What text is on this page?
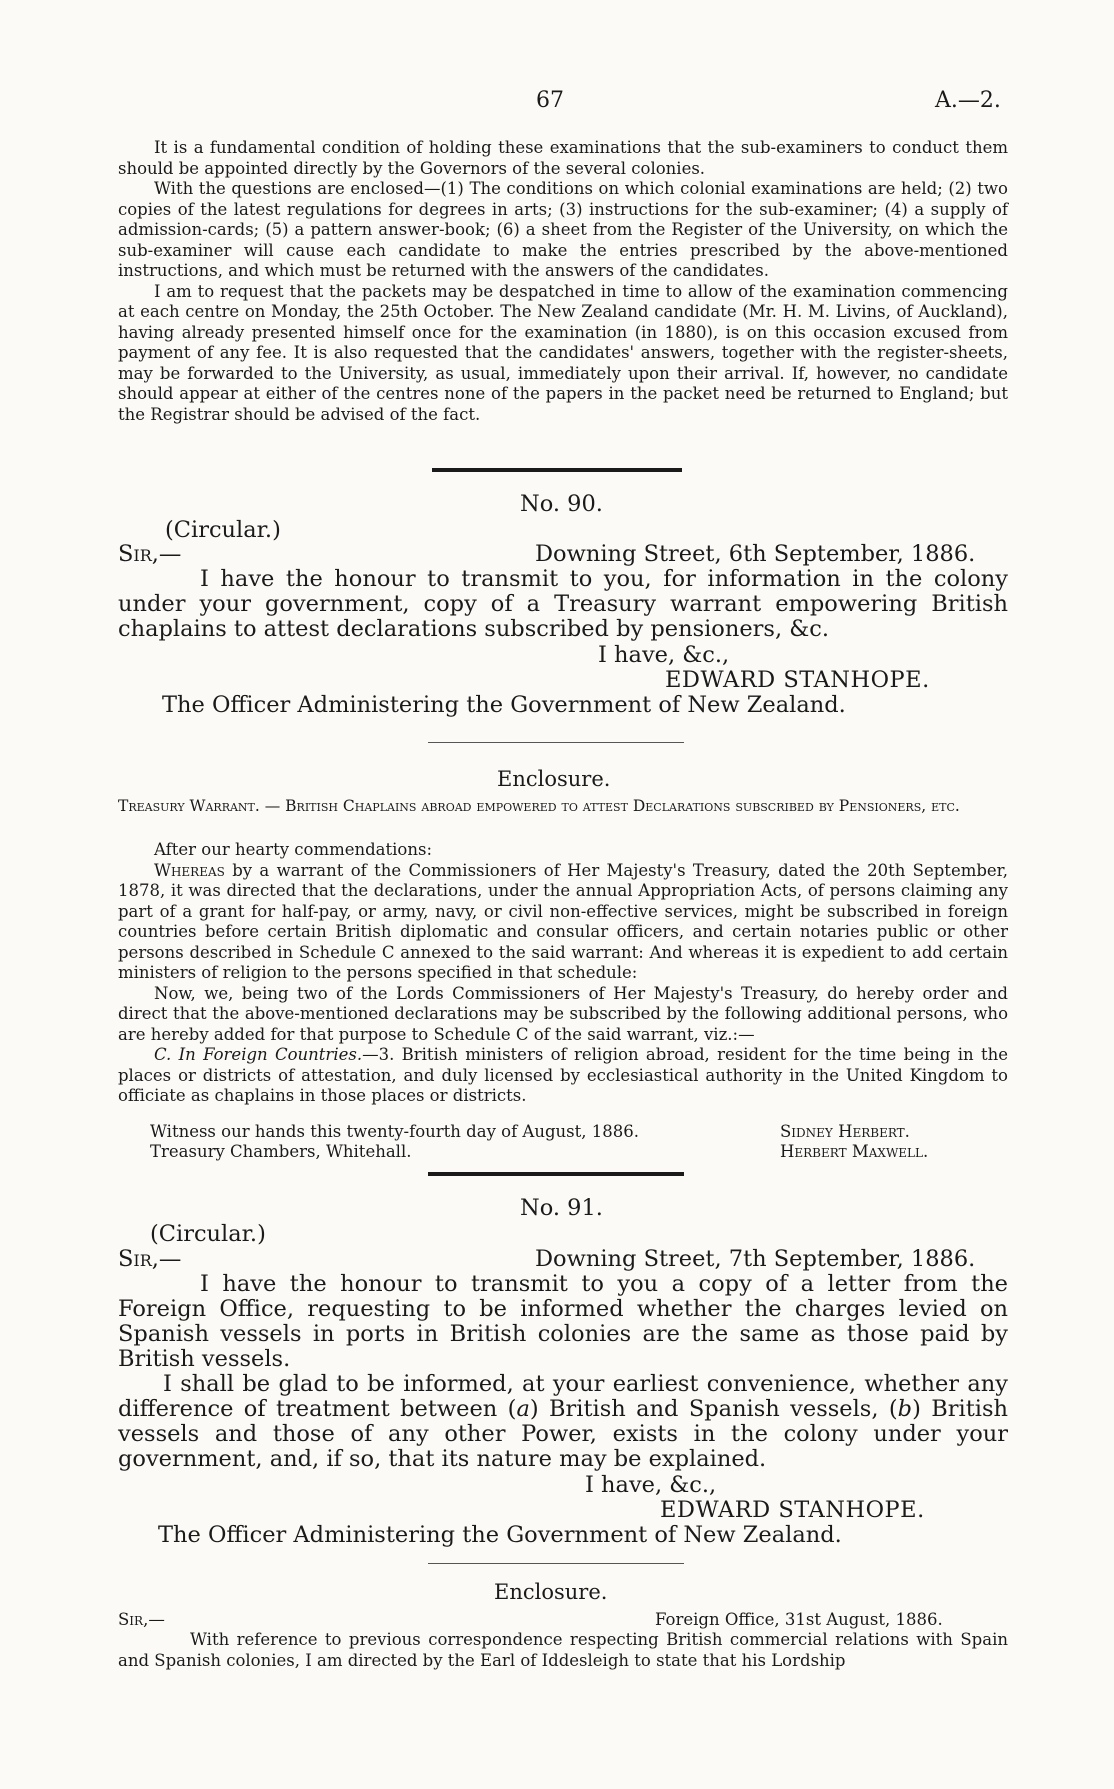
67	A.—2.

It is a fundamental condition of holding these examinations that the sub-examiners to conduct them should be appointed directly by the Governors of the several colonies.

With the questions are enclosed—(1) The conditions on which colonial examinations are held; (2) two copies of the latest regulations for degrees in arts; (3) instructions for the sub-examiner; (4) a supply of admission-cards; (5) a pattern answer-book; (6) a sheet from the Register of the University, on which the sub-examiner will cause each candidate to make the entries prescribed by the above-mentioned instructions, and which must be returned with the answers of the candidates.

I am to request that the packets may be despatched in time to allow of the examination commencing at each centre on Monday, the 25th October. The New Zealand candidate (Mr. H. M. Livins, of Auckland), having already presented himself once for the examination (in 1880), is on this occasion excused from payment of any fee. It is also requested that the candidates' answers, together with the register-sheets, may be forwarded to the University, as usual, immediately upon their arrival. If, however, no candidate should appear at either of the centres none of the papers in the packet need be returned to England; but the Registrar should be advised of the fact.

No. 90.
(Circular.)
Sir,—	Downing Street, 6th September, 1886.

I have the honour to transmit to you, for information in the colony under your government, copy of a Treasury warrant empowering British chaplains to attest declarations subscribed by pensioners, &c.

I have, &c.,
EDWARD STANHOPE.
The Officer Administering the Government of New Zealand.
Enclosure.
Treasury Warrant. — British Chaplains abroad empowered to attest Declarations subscribed by Pensioners, etc.

After our hearty commendations:

Whereas by a warrant of the Commissioners of Her Majesty's Treasury, dated the 20th September, 1878, it was directed that the declarations, under the annual Appropriation Acts, of persons claiming any part of a grant for half-pay, or army, navy, or civil non-effective services, might be subscribed in foreign countries before certain British diplomatic and consular officers, and certain notaries public or other persons described in Schedule C annexed to the said warrant: And whereas it is expedient to add certain ministers of religion to the persons specified in that schedule:

Now, we, being two of the Lords Commissioners of Her Majesty's Treasury, do hereby order and direct that the above-mentioned declarations may be subscribed by the following additional persons, who are hereby added for that purpose to Schedule C of the said warrant, viz.:—

C. In Foreign Countries.—3. British ministers of religion abroad, resident for the time being in the places or districts of attestation, and duly licensed by ecclesiastical authority in the United Kingdom to officiate as chaplains in those places or districts.

Witness our hands this twenty-fourth day of August, 1886.
Treasury Chambers, Whitehall.
Sidney Herbert.
Herbert Maxwell.
No. 91.
(Circular.)
Sir,—	Downing Street, 7th September, 1886.

I have the honour to transmit to you a copy of a letter from the Foreign Office, requesting to be informed whether the charges levied on Spanish vessels in ports in British colonies are the same as those paid by British vessels.

I shall be glad to be informed, at your earliest convenience, whether any difference of treatment between (a) British and Spanish vessels, (b) British vessels and those of any other Power, exists in the colony under your government, and, if so, that its nature may be explained.

I have, &c.,
EDWARD STANHOPE.
The Officer Administering the Government of New Zealand.
Enclosure.
Sir,—	Foreign Office, 31st August, 1886.

With reference to previous correspondence respecting British commercial relations with Spain and Spanish colonies, I am directed by the Earl of Iddesleigh to state that his Lordship
